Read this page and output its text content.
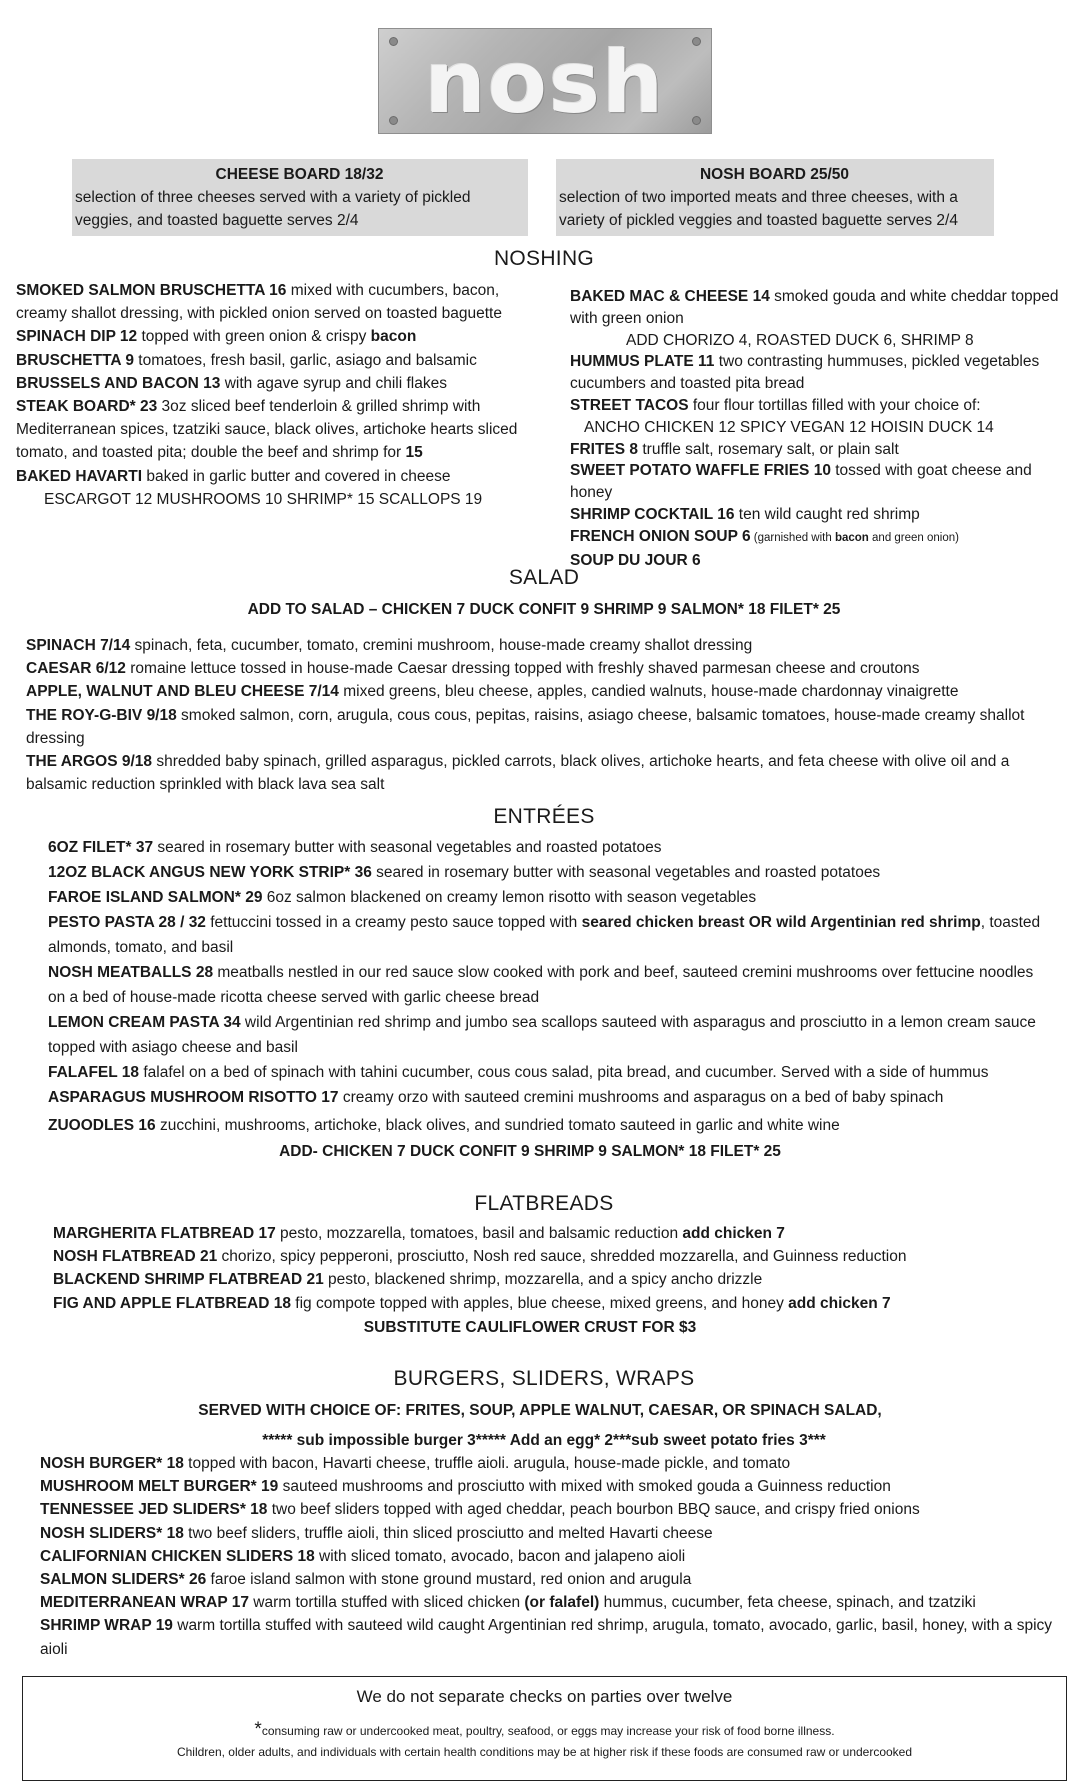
nosh
CHEESE BOARD 18/32
selection of three cheeses served with a variety of pickled veggies, and toasted baguette serves 2/4
NOSH BOARD 25/50
selection of two imported meats and three cheeses, with a variety of pickled veggies and toasted baguette serves 2/4
NOSHING

SMOKED SALMON BRUSCHETTA 16 mixed with cucumbers, bacon, creamy shallot dressing, with pickled onion served on toasted baguette

SPINACH DIP 12 topped with green onion & crispy bacon

BRUSCHETTA 9 tomatoes, fresh basil, garlic, asiago and balsamic

BRUSSELS AND BACON 13 with agave syrup and chili flakes

STEAK BOARD* 23 3oz sliced beef tenderloin & grilled shrimp with Mediterranean spices, tzatziki sauce, black olives, artichoke hearts sliced tomato, and toasted pita; double the beef and shrimp for 15

BAKED HAVARTI baked in garlic butter and covered in cheese

ESCARGOT 12 MUSHROOMS 10 SHRIMP* 15 SCALLOPS 19

BAKED MAC & CHEESE 14 smoked gouda and white cheddar topped with green onion

ADD CHORIZO 4, ROASTED DUCK 6, SHRIMP 8

HUMMUS PLATE 11 two contrasting hummuses, pickled vegetables cucumbers and toasted pita bread

STREET TACOS four flour tortillas filled with your choice of:

ANCHO CHICKEN 12 SPICY VEGAN 12 HOISIN DUCK 14

FRITES 8 truffle salt, rosemary salt, or plain salt

SWEET POTATO WAFFLE FRIES 10 tossed with goat cheese and honey

SHRIMP COCKTAIL 16 ten wild caught red shrimp

FRENCH ONION SOUP 6 (garnished with bacon and green onion)

SOUP DU JOUR 6

SALAD
ADD TO SALAD – CHICKEN 7 DUCK CONFIT 9 SHRIMP 9 SALMON* 18 FILET* 25

SPINACH 7/14 spinach, feta, cucumber, tomato, cremini mushroom, house-made creamy shallot dressing

CAESAR 6/12 romaine lettuce tossed in house-made Caesar dressing topped with freshly shaved parmesan cheese and croutons

APPLE, WALNUT AND BLEU CHEESE 7/14 mixed greens, bleu cheese, apples, candied walnuts, house-made chardonnay vinaigrette

THE ROY-G-BIV 9/18 smoked salmon, corn, arugula, cous cous, pepitas, raisins, asiago cheese, balsamic tomatoes, house-made creamy shallot dressing

THE ARGOS 9/18 shredded baby spinach, grilled asparagus, pickled carrots, black olives, artichoke hearts, and feta cheese with olive oil and a balsamic reduction sprinkled with black lava sea salt

ENTRÉES

6OZ FILET* 37 seared in rosemary butter with seasonal vegetables and roasted potatoes

12OZ BLACK ANGUS NEW YORK STRIP* 36 seared in rosemary butter with seasonal vegetables and roasted potatoes

FAROE ISLAND SALMON* 29 6oz salmon blackened on creamy lemon risotto with season vegetables

PESTO PASTA 28 / 32 fettuccini tossed in a creamy pesto sauce topped with seared chicken breast OR wild Argentinian red shrimp, toasted almonds, tomato, and basil

NOSH MEATBALLS 28 meatballs nestled in our red sauce slow cooked with pork and beef, sauteed cremini mushrooms over fettucine noodles on a bed of house-made ricotta cheese served with garlic cheese bread

LEMON CREAM PASTA 34 wild Argentinian red shrimp and jumbo sea scallops sauteed with asparagus and prosciutto in a lemon cream sauce topped with asiago cheese and basil

FALAFEL 18 falafel on a bed of spinach with tahini cucumber, cous cous salad, pita bread, and cucumber. Served with a side of hummus

ASPARAGUS MUSHROOM RISOTTO 17 creamy orzo with sauteed cremini mushrooms and asparagus on a bed of baby spinach

ZUOODLES 16 zucchini, mushrooms, artichoke, black olives, and sundried tomato sauteed in garlic and white wine

ADD- CHICKEN 7 DUCK CONFIT 9 SHRIMP 9 SALMON* 18 FILET* 25
FLATBREADS

MARGHERITA FLATBREAD 17 pesto, mozzarella, tomatoes, basil and balsamic reduction add chicken 7

NOSH FLATBREAD 21 chorizo, spicy pepperoni, prosciutto, Nosh red sauce, shredded mozzarella, and Guinness reduction

BLACKEND SHRIMP FLATBREAD 21 pesto, blackened shrimp, mozzarella, and a spicy ancho drizzle

FIG AND APPLE FLATBREAD 18 fig compote topped with apples, blue cheese, mixed greens, and honey add chicken 7

SUBSTITUTE CAULIFLOWER CRUST FOR $3
BURGERS, SLIDERS, WRAPS
SERVED WITH CHOICE OF: FRITES, SOUP, APPLE WALNUT, CAESAR, OR SPINACH SALAD,
***** sub impossible burger 3***** Add an egg* 2***sub sweet potato fries 3***

NOSH BURGER* 18 topped with bacon, Havarti cheese, truffle aioli. arugula, house-made pickle, and tomato

MUSHROOM MELT BURGER* 19 sauteed mushrooms and prosciutto with mixed with smoked gouda a Guinness reduction

TENNESSEE JED SLIDERS* 18 two beef sliders topped with aged cheddar, peach bourbon BBQ sauce, and crispy fried onions

NOSH SLIDERS* 18 two beef sliders, truffle aioli, thin sliced prosciutto and melted Havarti cheese

CALIFORNIAN CHICKEN SLIDERS 18 with sliced tomato, avocado, bacon and jalapeno aioli

SALMON SLIDERS* 26 faroe island salmon with stone ground mustard, red onion and arugula

MEDITERRANEAN WRAP 17 warm tortilla stuffed with sliced chicken (or falafel) hummus, cucumber, feta cheese, spinach, and tzatziki

SHRIMP WRAP 19 warm tortilla stuffed with sauteed wild caught Argentinian red shrimp, arugula, tomato, avocado, garlic, basil, honey, with a spicy aioli

We do not separate checks on parties over twelve
*consuming raw or undercooked meat, poultry, seafood, or eggs may increase your risk of food borne illness.
Children, older adults, and individuals with certain health conditions may be at higher risk if these foods are consumed raw or undercooked
